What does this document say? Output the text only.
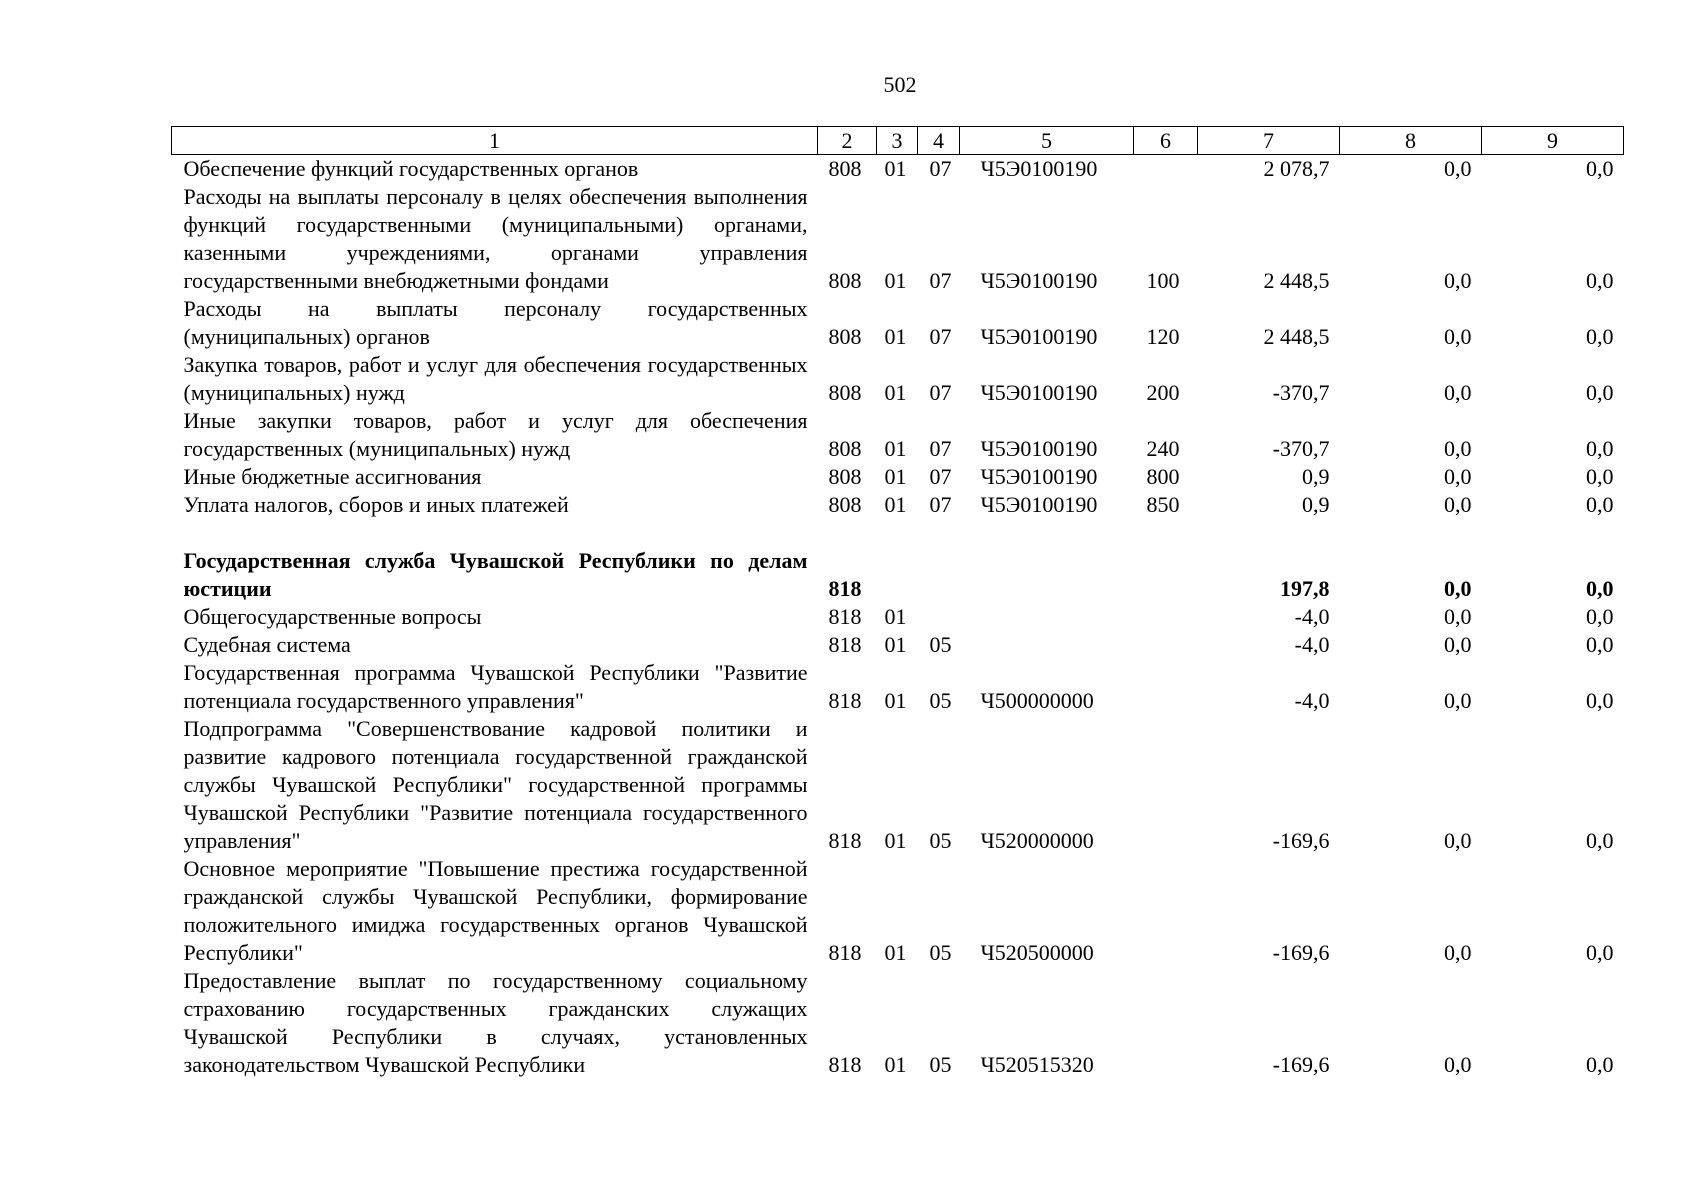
502
1	2	3	4	5	6	7	8	9
Обеспечение функций государственных органов	808	01	07	Ч5Э0100190		2 078,7	0,0	0,0
Расходы на выплаты персоналу в целях обеспечения выполнения функций государственными (муниципальными) органами, казенными учреждениями, органами управления государственными внебюджетными фондами	808	01	07	Ч5Э0100190	100	2 448,5	0,0	0,0
Расходы на выплаты персоналу государственных (муниципальных) органов	808	01	07	Ч5Э0100190	120	2 448,5	0,0	0,0
Закупка товаров, работ и услуг для обеспечения государственных (муниципальных) нужд	808	01	07	Ч5Э0100190	200	-370,7	0,0	0,0
Иные закупки товаров, работ и услуг для обеспечения государственных (муниципальных) нужд	808	01	07	Ч5Э0100190	240	-370,7	0,0	0,0
Иные бюджетные ассигнования	808	01	07	Ч5Э0100190	800	0,9	0,0	0,0
Уплата налогов, сборов и иных платежей	808	01	07	Ч5Э0100190	850	0,9	0,0	0,0

Государственная служба Чувашской Республики по делам юстиции	818					197,8	0,0	0,0
Общегосударственные вопросы	818	01				-4,0	0,0	0,0
Судебная система	818	01	05			-4,0	0,0	0,0
Государственная программа Чувашской Республики "Развитие потенциала государственного управления"	818	01	05	Ч500000000		-4,0	0,0	0,0
Подпрограмма "Совершенствование кадровой политики и развитие кадрового потенциала государственной гражданской службы Чувашской Республики" государственной программы Чувашской Республики "Развитие потенциала государственного управления"	818	01	05	Ч520000000		-169,6	0,0	0,0
Основное мероприятие "Повышение престижа государственной гражданской службы Чувашской Республики, формирование положительного имиджа государственных органов Чувашской Республики"	818	01	05	Ч520500000		-169,6	0,0	0,0
Предоставление выплат по государственному социальному страхованию государственных гражданских служащих Чувашской Республики в случаях, установленных законодательством Чувашской Республики	818	01	05	Ч520515320		-169,6	0,0	0,0
